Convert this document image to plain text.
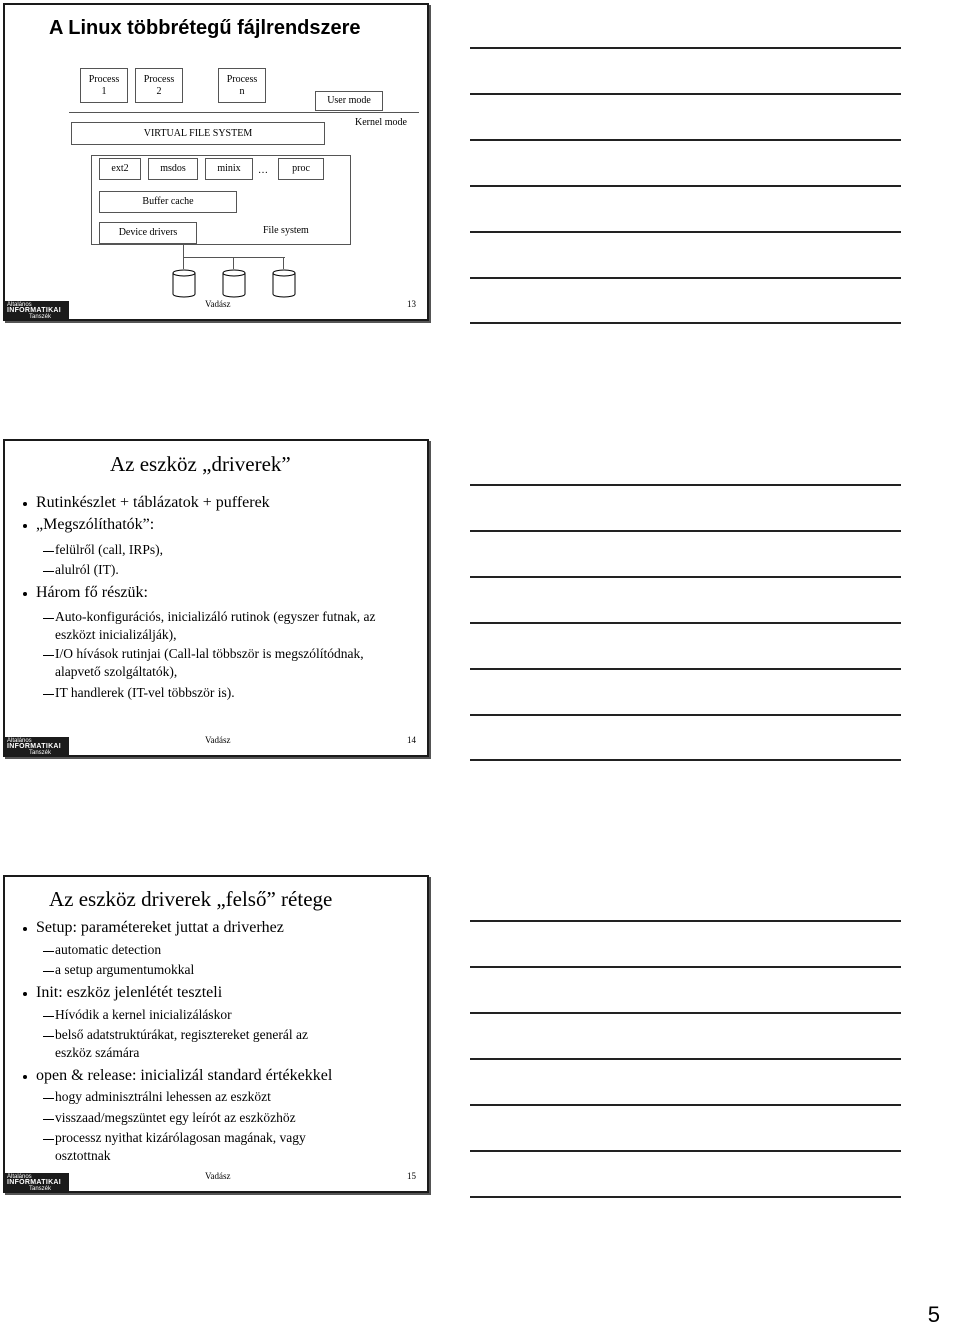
A Linux többrétegű fájlrendszere
Process
1
Process
2
Process
n
User mode
Kernel mode
VIRTUAL FILE SYSTEM
ext2	msdos	minix … proc
Buffer cache
Device drivers	File system
Vadász	13
Általános
INFORMATIKAI
Tanszék
Az eszköz „driverek”
Rutinkészlet + táblázatok + pufferek
„Megszólíthatók”:
felülről (call, IRPs),
alulról (IT).
Három fő részük:
Auto-konfigurációs, inicializáló rutinok (egyszer futnak, az
eszközt inicializálják),
I/O hívások rutinjai (Call-lal többször is megszólítódnak,
alapvető szolgáltatók),
IT handlerek (IT-vel többször is).
Vadász	14
Általános
INFORMATIKAI
Tanszék
Az eszköz driverek „felső” rétege
Setup: paramétereket juttat a driverhez
automatic detection
a setup argumentumokkal
Init: eszköz jelenlétét teszteli
Hívódik a kernel inicializáláskor
belső adatstruktúrákat, regisztereket generál az
eszköz számára
open & release: inicializál standard értékekkel
hogy adminisztrálni lehessen az eszközt
visszaad/megszüntet egy leírót az eszközhöz
processz nyithat kizárólagosan magának, vagy
osztottnak
Vadász	15
Általános
INFORMATIKAI
Tanszék
5
